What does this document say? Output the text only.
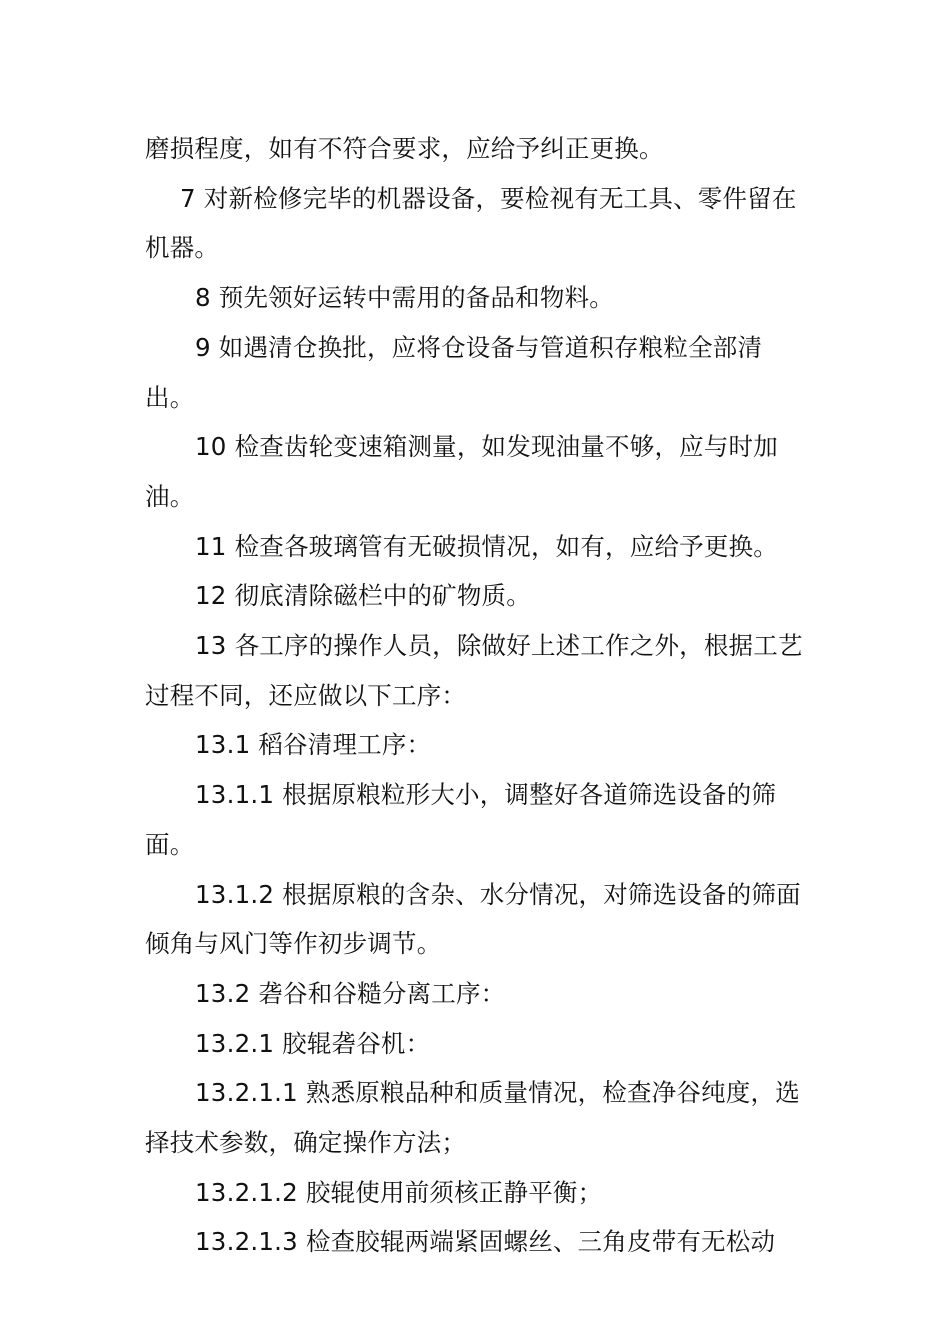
磨损程度，如有不符合要求，应给予纠正更换。

7 对新检修完毕的机器设备，要检视有无工具、零件留在机器。

8 预先领好运转中需用的备品和物料。

9 如遇清仓换批，应将仓设备与管道积存粮粒全部清出。

10 检查齿轮变速箱测量，如发现油量不够，应与时加油。

11 检查各玻璃管有无破损情况，如有，应给予更换。

12 彻底清除磁栏中的矿物质。

13 各工序的操作人员，除做好上述工作之外，根据工艺过程不同，还应做以下工序：

13.1 稻谷清理工序：

13.1.1 根据原粮粒形大小，调整好各道筛选设备的筛面。

13.1.2 根据原粮的含杂、水分情况，对筛选设备的筛面倾角与风门等作初步调节。

13.2 砻谷和谷糙分离工序：

13.2.1 胶辊砻谷机：

13.2.1.1 熟悉原粮品种和质量情况，检查净谷纯度，选择技术参数，确定操作方法；

13.2.1.2 胶辊使用前须核正静平衡；

13.2.1.3 检查胶辊两端紧固螺丝、三角皮带有无松动
